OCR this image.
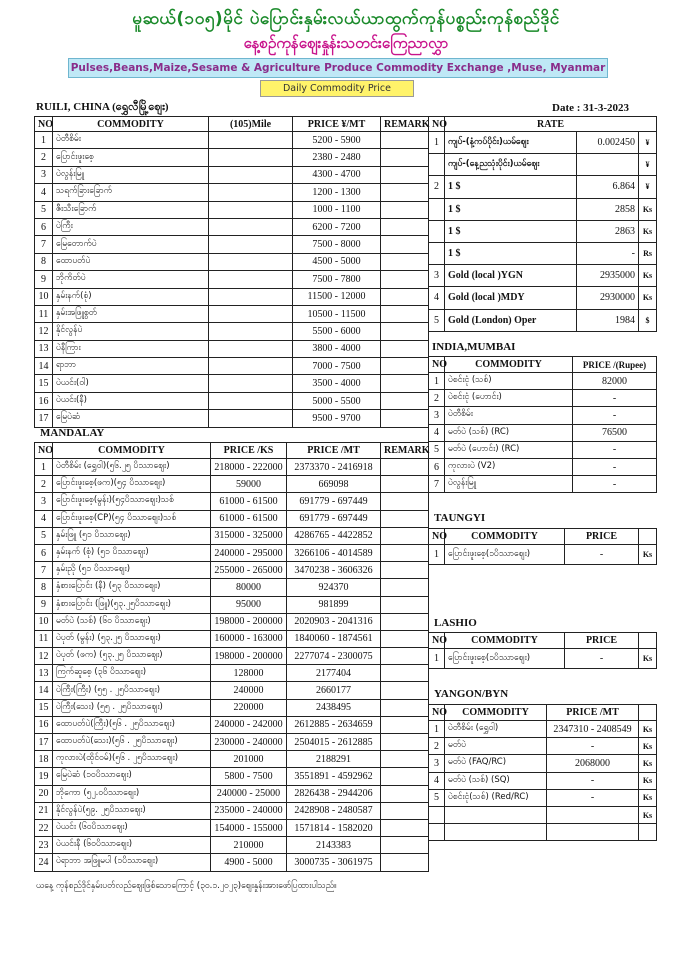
မူဆယ်(၁၀၅)မိုင် ပဲပြောင်းနှမ်းလယ်ယာထွက်ကုန်ပစ္စည်းကုန်စည်ဒိုင်
နေ့စဉ်ကုန်ဈေးနှုန်းသတင်းကြေညာလွှာ
Pulses,Beans,Maize,Sesame & Agriculture Produce Commodity Exchange ,Muse, Myanmar
Daily Commodity Price
RUILI, CHINA (ရွှေလီမြို့ဈေး)	Date : 31-3-2023
NO	COMMODITY	(105)Mile	PRICE ¥/MT	REMARK
1	ပဲတီစိမ်း		5200 - 5900	
2	ပြောင်းဖူးစေ့		2380 - 2480	
3	ပဲလွန်းမြူ		4300 - 4700	
4	သရက်ခြားခြောက်		1200 - 1300	
5	ဇီးသီးခြောက်		1000 - 1100	
6	ပဲကြီး		6200 - 7200	
7	မြေတောက်ပဲ		7500 - 8000	
8	ထောပတ်ပဲ		4500 - 5000	
9	ဘိုကိတ်ပဲ		7500 - 7800	
10	နှမ်းနက်(စုံ)		11500 - 12000	
11	နှမ်းအဖြူစွတ်		10500 - 11500	
12	နိုင်လွန်ပဲ		5500 - 6000	
13	ပဲနီကြား		3800 - 4000	
14	ရာဘာ		7000 - 7500	
15	ပဲယင်း(ဝါ)		3500 - 4000	
16	ပဲယင်း(နီ)		5000 - 5500	
17	မြေပဲဆံ		9500 - 9700	
NO	RATE		
1	ကျပ်-(နံ့ကပ်ပိုင်း)ယမ်ဈေး	0.002450	¥
	ကျပ်-(နေ့ညသုံးပိုင်း)ယမ်ဈေး		¥
2	1 $	6.864	¥
	1 $	2858	Ks
	1 $	2863	Ks
	1 $	-	Rs
3	Gold (local )YGN	2935000	Ks
4	Gold (local )MDY	2930000	Ks
5	Gold (London) Oper	1984	$
INDIA,MUMBAI
NO	COMMODITY	PRICE /(Rupee)
1	ပဲစင်းငုံ (သစ်)	82000
2	ပဲစင်းငုံ (ဟောင်း)	-
3	ပဲတီစိမ်း	-
4	မတ်ပဲ (သစ်) (RC)	76500
5	မတ်ပဲ (ဟောင်း) (RC)	-
6	ကုလားပဲ (V2)	-
7	ပဲလွန်းမြူ	-
MANDALAY
NO	COMMODITY	PRICE /KS	PRICE /MT	REMARK
1	ပဲတီစိမ်း (ရွှေဝါ)(၅၆.၂၅ ပိဿာဈေး)	218000 - 222000	2373370 - 2416918	
2	ပြောင်းဖူးစေ့(ဖက)(၅၄ ပိဿာဈေး)	59000	669098	
3	ပြောင်းဖူးစေ့(မွန်း)(၅၄ပိဿာဈေး)သစ်	61000 - 61500	691779 - 697449	
4	ပြောင်းဖူးစေ့(CP)(၅၄ ပိဿာဈေး)သစ်	61000 - 61500	691779 - 697449	
5	နှမ်းဖြူ (၅၁ ပိဿာဈေး)	315000 - 325000	4286765 - 4422852	
6	နှမ်းနက် (စုံ) (၅၁ ပိဿာဈေး)	240000 - 295000	3266106 - 4014589	
7	နှမ်းညို (၅၁ ပိဿာဈေး)	255000 - 265000	3470238 - 3606326	
8	နှံစားပြောင်း (နီ) (၅၃ ပိဿာဈေး)	80000	924370	
9	နှံစားပြောင်း (ဖြူ)(၅၃.၂၅ပိဿာဈေး)	95000	981899	
10	မတ်ပဲ (သစ်) (၆၀ ပိဿာဈေး)	198000 - 200000	2020903 - 2041316	
11	ပဲပုတ် (မွန်း) (၅၃.၂၅ ပိဿာဈေး)	160000 - 163000	1840060 - 1874561	
12	ပဲပုတ် (ဖက) (၅၃.၂၅ ပိဿာဈေး)	198000 - 200000	2277074 - 2300075	
13	ကြက်ဆူစေ့ (၃၆ ပိဿာဈေး)	128000	2177404	
14	ပဲကြီး(ကြီး) (၅၅ . ၂၅ပိဿာဈေး)	240000	2660177	
15	ပဲကြီး(သေး) (၅၅ . ၂၅ပိဿာဈေး)	220000	2438495	
16	ထောပတ်ပဲ(ကြီး)(၅၆ . ၂၅ပိဿာဈေး)	240000 - 242000	2612885 - 2634659	
17	ထောပတ်ပဲ(သေး)(၅၆ . ၂၅ပိဿာဈေး)	230000 - 240000	2504015 - 2612885	
18	ကုလားပဲ(ထိုင်ဝမ်)(၅၆ . ၂၅ပိဿာဈေး)	201000	2188291	
19	မြေပဲဆံ (၁၀ပိဿာဈေး)	5800 - 7500	3551891 - 4592962	
20	ဘိုကော (၅၂.၀ပိဿာဈေး)	240000 - 25000	2826438 - 2944206	
21	နိုင်လွန်ပဲ(၅၉. ၂၅ပိဿာဈေး)	235000 - 240000	2428908 - 2480587	
22	ပဲယင်း (၆၀ပိဿာဈေး)	154000 - 155000	1571814 - 1582020	
23	ပဲယင်းနီ (၆၀ပိဿာဈေး)	210000	2143383	
24	ပဲရာဘာ အဖြူမပါ (၁ပိဿာဈေး)	4900 - 5000	3000735 - 3061975	
TAUNGYI
NO	COMMODITY	PRICE	
1	ပြောင်းဖူးစေ့(၁ပိဿာဈေး)	-	Ks
LASHIO
NO	COMMODITY	PRICE	
1	ပြောင်းဖူးစေ့(၁ပိဿာဈေး)	-	Ks
YANGON/BYN
NO	COMMODITY	PRICE /MT	
1	ပဲတီစိမ်း (ရွှေဝါ)	2347310 - 2408549	Ks
2	မတ်ပဲ	-	Ks
3	မတ်ပဲ (FAQ/RC)	2068000	Ks
4	မတ်ပဲ (သစ်) (SQ)	-	Ks
5	ပဲစင်းငုံ(သစ်) (Red/RC)	-	Ks
			Ks

ယနေ့ ကုန်စည်ဒိုင်နှမ်းပတ်လည်ဈေးဖြစ်သောကြောင့် (၃၀.၁.၂၀၂၃)ဈေးနှုန်းအားဖော်ပြထားပါသည်။
